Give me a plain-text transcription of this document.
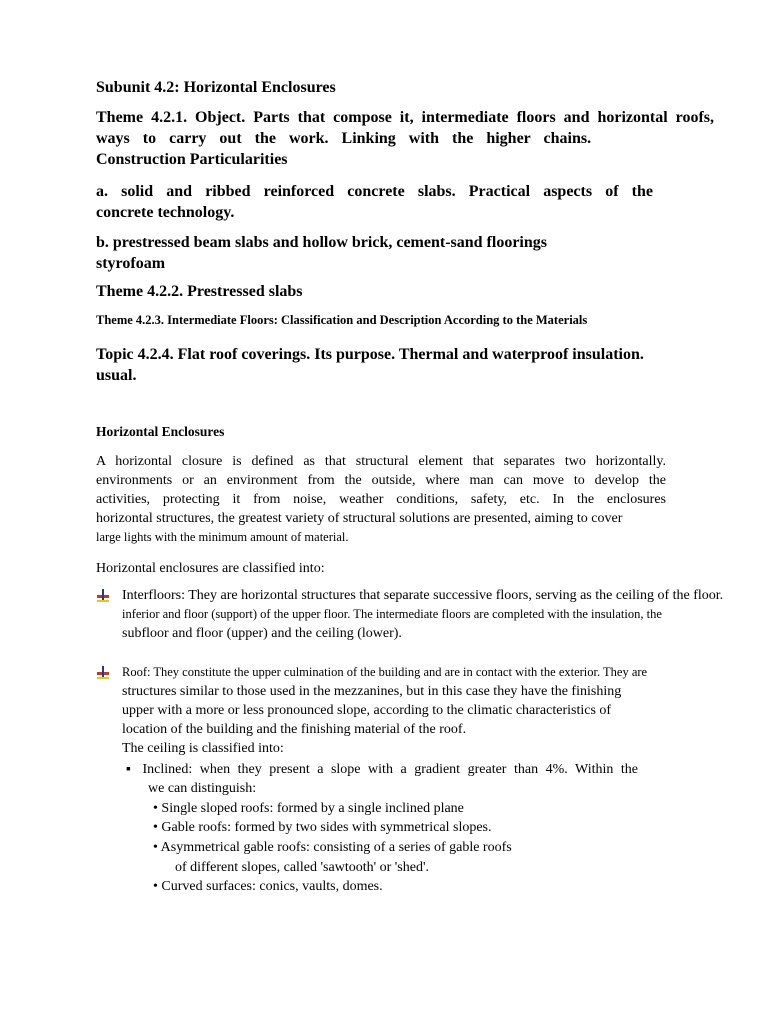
Subunit 4.2: Horizontal Enclosures

Theme 4.2.1. Object. Parts that compose it, intermediate floors and horizontal roofs,
ways to carry out the work. Linking with the higher chains.
Construction Particularities
a. solid and ribbed reinforced concrete slabs. Practical aspects of the
concrete technology.
b. prestressed beam slabs and hollow brick, cement-sand floorings
styrofoam

Theme 4.2.2. Prestressed slabs

Theme 4.2.3. Intermediate Floors: Classification and Description According to the Materials

Topic 4.2.4. Flat roof coverings. Its purpose. Thermal and waterproof insulation.
usual.

Horizontal Enclosures

A horizontal closure is defined as that structural element that separates two horizontally.
environments or an environment from the outside, where man can move to develop the
activities, protecting it from noise, weather conditions, safety, etc. In the enclosures
horizontal structures, the greatest variety of structural solutions are presented, aiming to cover
large lights with the minimum amount of material.

Horizontal enclosures are classified into:

Interfloors: They are horizontal structures that separate successive floors, serving as the ceiling of the floor.
inferior and floor (support) of the upper floor. The intermediate floors are completed with the insulation, the
subfloor and floor (upper) and the ceiling (lower).
Roof: They constitute the upper culmination of the building and are in contact with the exterior. They are
structures similar to those used in the mezzanines, but in this case they have the finishing
upper with a more or less pronounced slope, according to the climatic characteristics of
location of the building and the finishing material of the roof.
The ceiling is classified into:
▪ Inclined: when they present a slope with a gradient greater than 4%. Within the

we can distinguish:

• Single sloped roofs: formed by a single inclined plane

• Gable roofs: formed by two sides with symmetrical slopes.

• Asymmetrical gable roofs: consisting of a series of gable roofs

of different slopes, called 'sawtooth' or 'shed'.

• Curved surfaces: conics, vaults, domes.
